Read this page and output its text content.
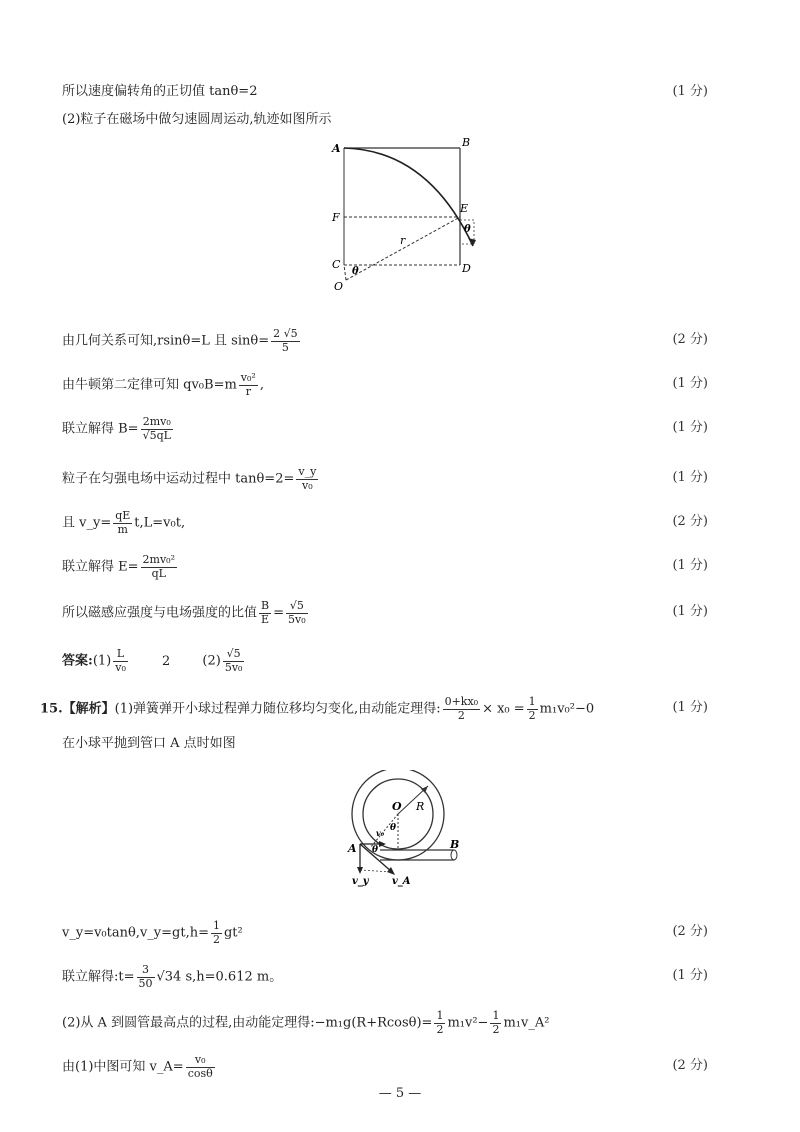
所以速度偏转角的正切值 tanθ=2	(1 分)
(2)粒子在磁场中做匀速圆周运动,轨迹如图所示
A	B
E
F
C	D
O
r
θ
θ
由几何关系可知,rsinθ=L 且 $\sin\theta= \frac{2 √5}{5}$	(2 分)
由牛顿第二定律可知 $qv_0B=m \frac{\text{v₀²}}{r}$ ,	(1 分)
联立解得 $B= \frac{\text{2mv₀}}{√5qL}$	(1 分)
粒子在匀强电场中运动过程中 $\tan\theta=2= \frac{v\_y}{\text{v₀}}$	(1 分)
且 v_y= $\frac{qE}{m} t,L=v_0t$,	(2 分)
联立解得 $E= \frac{\text{2mv₀²}}{qL}$	(1 分)
所以磁感应强度与电场强度的比值 $\frac{B}{E} = \frac{√5}{\text{5v₀}}$	(1 分)
答案:(1) $\frac{L}{\text{v₀}}$	2 $(2) \frac{√5}{\text{5v₀}}$
15.【解析】(1)弹簧弹开小球过程弹力随位移均匀变化,由动能定理得: $\frac{\text{0+kx₀}}{2} \times x_0 = \frac{1}{2} m_1v_0^2-0$	(1 分)
在小球平抛到管口 A 点时如图
O R
A	B
θ
θ
v₀
v_y v_A
v_y=v₀tanθ,v_y=gt,h= $\frac{1}{2} gt^2$	(2 分)
联立解得:t= $\frac{3}{50} √34$ s,h=0.612 m。	(1 分)
(2)从 A 到圆管最高点的过程,由动能定理得:−m₁g(R+Rcosθ)= $\frac{1}{2} m_1v^2- \frac{1}{2}$ m₁v_A²
由(1)中图可知 v_A= $\frac{\text{v₀}}{\cos\theta}$	(2 分)
— 5 —
